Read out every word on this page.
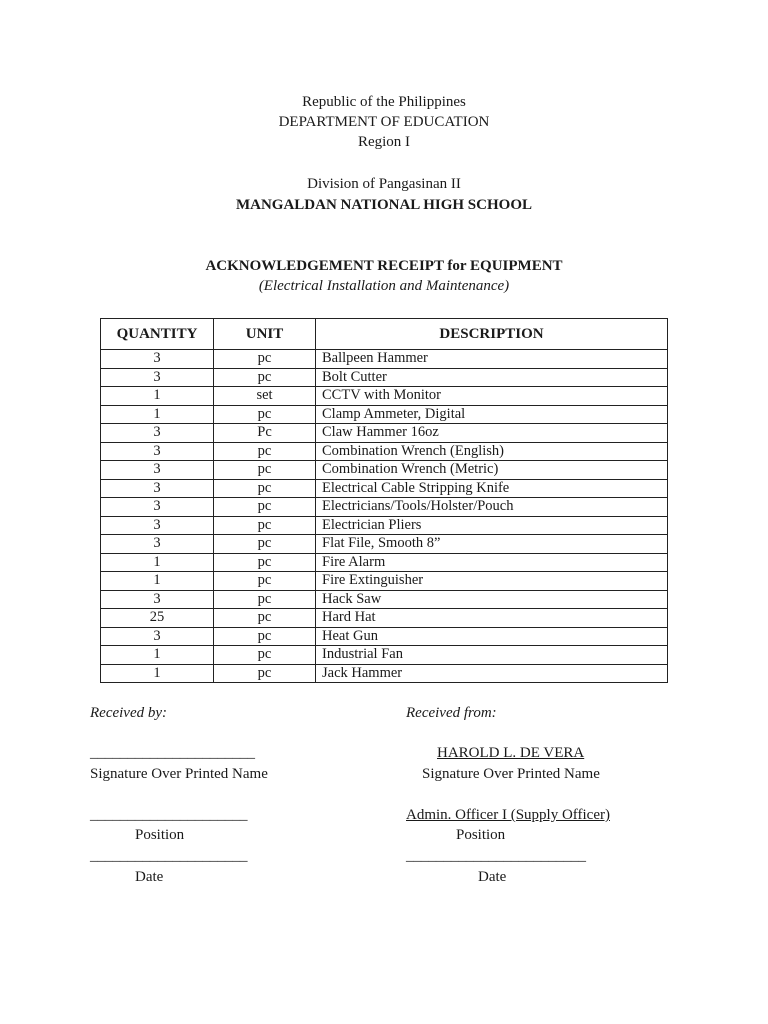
Republic of the Philippines
DEPARTMENT OF EDUCATION
Region I
Division of Pangasinan II
MANGALDAN NATIONAL HIGH SCHOOL
ACKNOWLEDGEMENT RECEIPT for EQUIPMENT
(Electrical Installation and Maintenance)
QUANTITY	UNIT	DESCRIPTION
3	pc	Ballpeen Hammer
3	pc	Bolt Cutter
1	set	CCTV with Monitor
1	pc	Clamp Ammeter, Digital
3	Pc	Claw Hammer 16oz
3	pc	Combination Wrench (English)
3	pc	Combination Wrench (Metric)
3	pc	Electrical Cable Stripping Knife
3	pc	Electricians/Tools/Holster/Pouch
3	pc	Electrician Pliers
3	pc	Flat File, Smooth 8”
1	pc	Fire Alarm
1	pc	Fire Extinguisher
3	pc	Hack Saw
25	pc	Hard Hat
3	pc	Heat Gun
1	pc	Industrial Fan
1	pc	Jack Hammer
Received by:
______________________
Signature Over Printed Name
_____________________
Position
_____________________
Date
Received from:
HAROLD L. DE VERA
Signature Over Printed Name
Admin. Officer I (Supply Officer)
Position
________________________
Date
